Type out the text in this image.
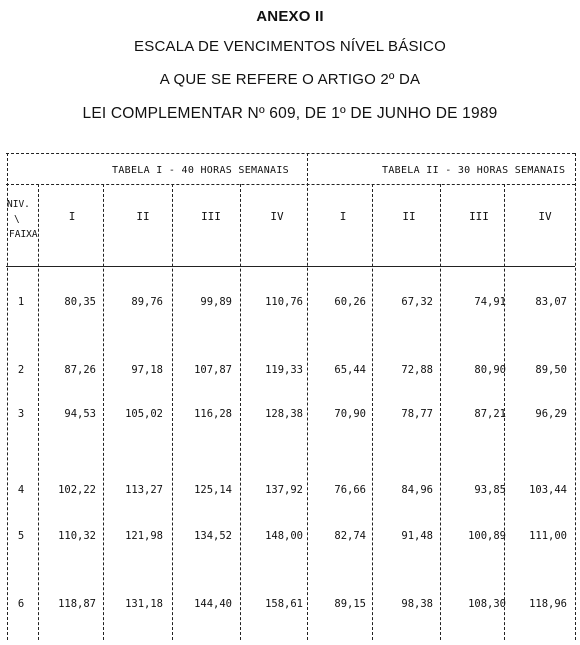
ANEXO II
ESCALA DE VENCIMENTOS NÍVEL BÁSICO
A QUE SE REFERE O ARTIGO 2º DA
LEI COMPLEMENTAR Nº 609, DE 1º DE JUNHO DE 1989
TABELA I - 40 HORAS SEMANAIS	TABELA II - 30 HORAS SEMANAIS
NIV.
\
FAIXA
I	II	III	IV	I	II	III	IV
1	80,35	89,76	99,89	110,76	60,26	67,32	74,91	83,07
2	87,26	97,18	107,87	119,33	65,44	72,88	80,90	89,50
3	94,53	105,02	116,28	128,38	70,90	78,77	87,21	96,29
4	102,22	113,27	125,14	137,92	76,66	84,96	93,85	103,44
5	110,32	121,98	134,52	148,00	82,74	91,48	100,89	111,00
6	118,87	131,18	144,40	158,61	89,15	98,38	108,30	118,96
